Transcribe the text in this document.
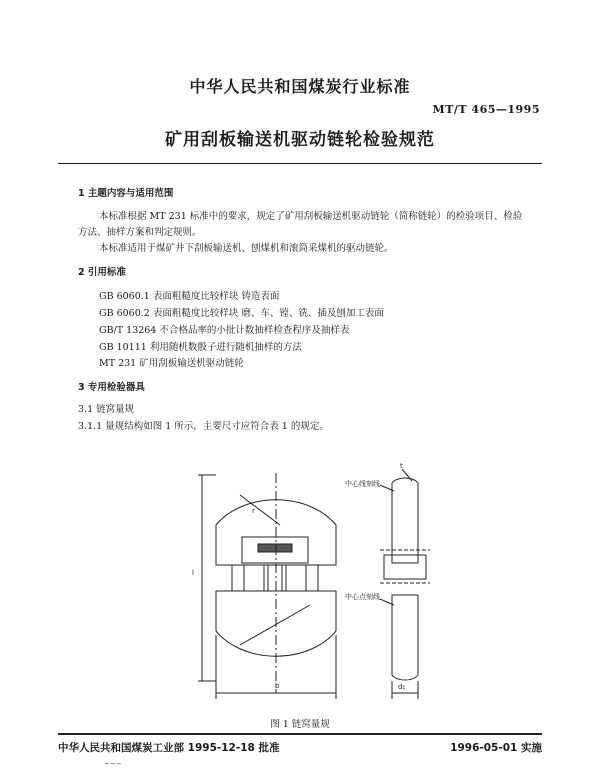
中华人民共和国煤炭行业标准
MT/T 465—1995
矿用刮板输送机驱动链轮检验规范
1 主题内容与适用范围
本标准根据 MT 231 标准中的要求，规定了矿用刮板输送机驱动链轮（简称链轮）的检验项目、检验
方法、抽样方案和判定规则。
本标准适用于煤矿井下刮板输送机、刨煤机和滚筒采煤机的驱动链轮。
2 引用标准
GB 6060.1 表面粗糙度比较样块 铸造表面
GB 6060.2 表面粗糙度比较样块 磨、车、镗、铣、插及刨加工表面
GB/T 13264 不合格品率的小批计数抽样检查程序及抽样表
GB 10111 利用随机数骰子进行随机抽样的方法
MT 231 矿用刮板输送机驱动链轮
3 专用检验器具
3.1 链窝量规
3.1.1 量规结构如图 1 所示，主要尺寸应符合表 1 的规定。
中心线刻线
中心点刻线
b
l
r
d₁
t
图 1 链窝量规
中华人民共和国煤炭工业部 1995-12-18 批准	1996-05-01 实施
~~~
